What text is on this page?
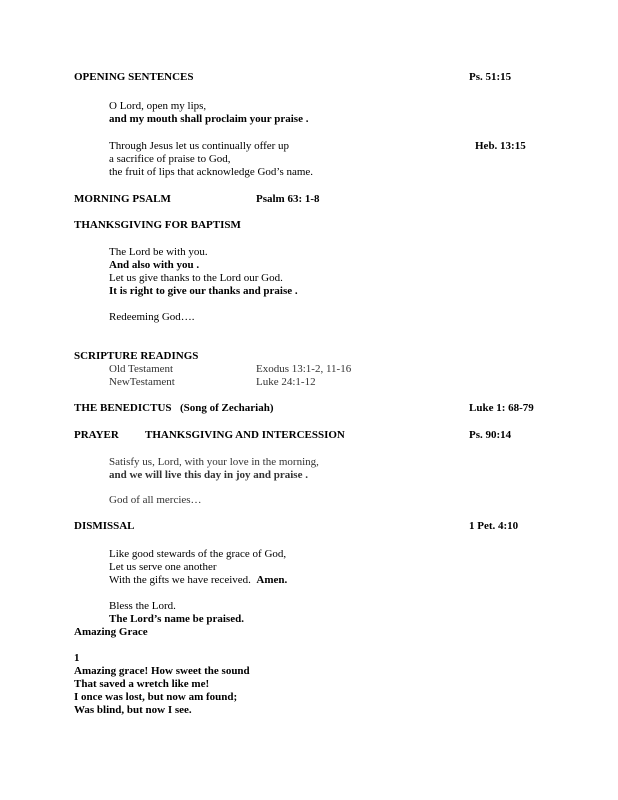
OPENING SENTENCES	Ps. 51:15
O Lord, open my lips,
and my mouth shall proclaim your praise .
Through Jesus let us continually offer up	Heb. 13:15
a sacrifice of praise to God,
the fruit of lips that acknowledge God’s name.
MORNING PSALM	Psalm 63: 1-8
THANKSGIVING FOR BAPTISM
The Lord be with you.
And also with you .
Let us give thanks to the Lord our God.
It is right to give our thanks and praise .
Redeeming God….
SCRIPTURE READINGS
Old Testament	Exodus 13:1-2, 11-16
NewTestament	Luke 24:1-12
THE BENEDICTUS (Song of Zechariah)	Luke 1: 68-79
PRAYER THANKSGIVING AND INTERCESSION	Ps. 90:14
Satisfy us, Lord, with your love in the morning,
and we will live this day in joy and praise .
God of all mercies…
DISMISSAL	1 Pet. 4:10
Like good stewards of the grace of God,
Let us serve one another
With the gifts we have received. Amen.
Bless the Lord.
The Lord’s name be praised.
Amazing Grace
1
Amazing grace! How sweet the sound
That saved a wretch like me!
I once was lost, but now am found;
Was blind, but now I see.
